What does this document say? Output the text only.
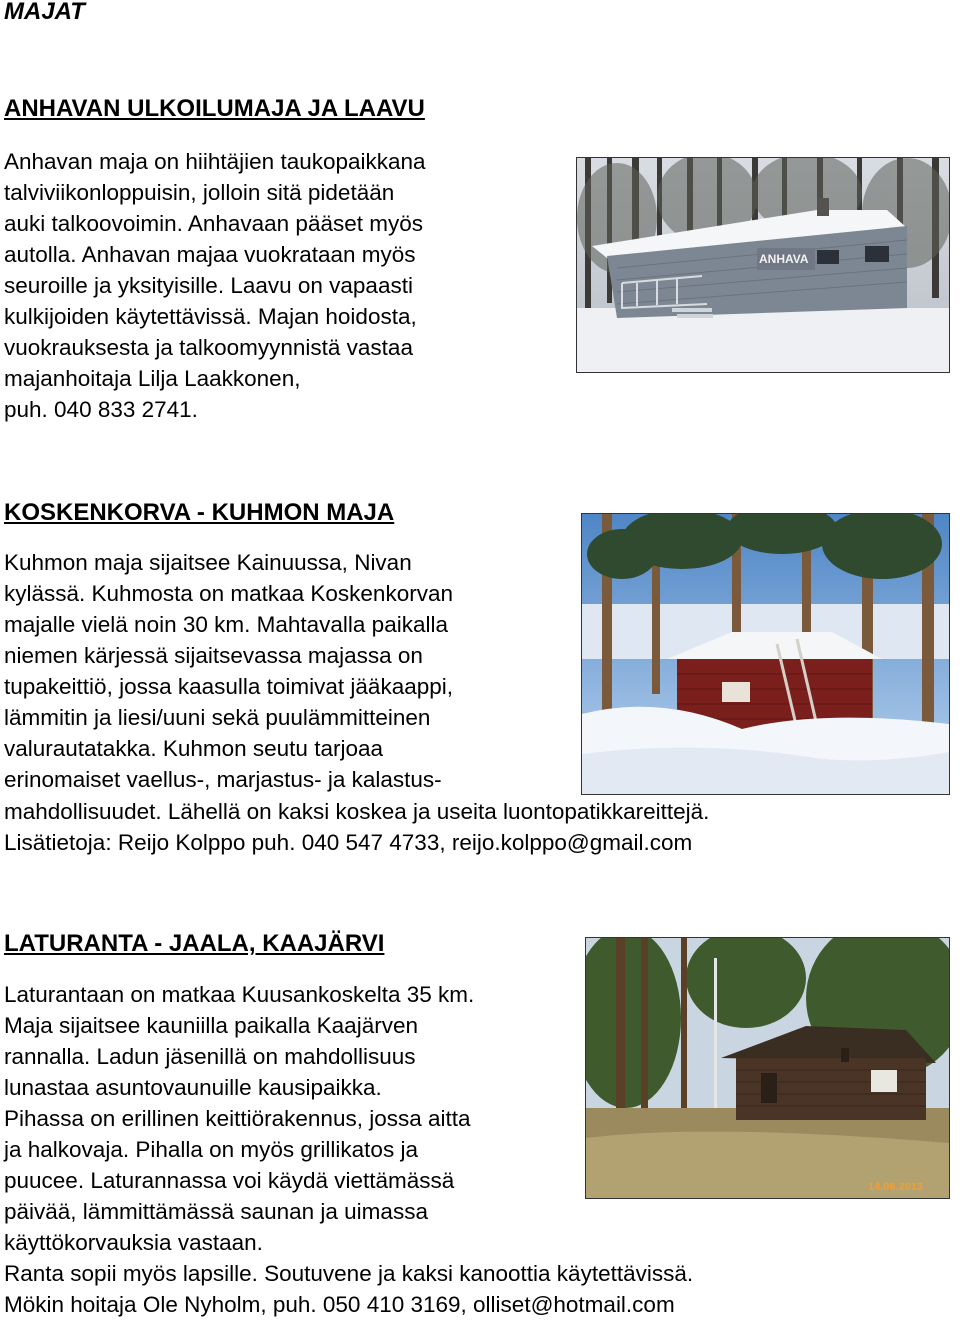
MAJAT
ANHAVAN ULKOILUMAJA JA LAAVU
Anhavan maja on hiihtäjien taukopaikkana
talviviikonloppuisin, jolloin sitä pidetään
auki talkoovoimin. Anhavaan pääset myös
autolla. Anhavan majaa vuokrataan myös
seuroille ja yksityisille. Laavu on vapaasti
kulkijoiden käytettävissä. Majan hoidosta,
vuokrauksesta ja talkoomyynnistä vastaa
majanhoitaja Lilja Laakkonen,
puh. 040 833 2741.
ANHAVA
KOSKENKORVA - KUHMON MAJA
Kuhmon maja sijaitsee Kainuussa, Nivan
kylässä. Kuhmosta on matkaa Koskenkorvan
majalle vielä noin 30 km. Mahtavalla paikalla
niemen kärjessä sijaitsevassa majassa on
tupakeittiö, jossa kaasulla toimivat jääkaappi,
lämmitin ja liesi/uuni sekä puulämmitteinen
valurautatakka. Kuhmon seutu tarjoaa
erinomaiset vaellus-, marjastus- ja kalastus-
mahdollisuudet. Lähellä on kaksi koskea ja useita luontopatikkareittejä.
Lisätietoja: Reijo Kolppo puh. 040 547 4733, reijo.kolppo@gmail.com
LATURANTA - JAALA, KAAJÄRVI
Laturantaan on matkaa Kuusankoskelta 35 km.
Maja sijaitsee kauniilla paikalla Kaajärven
rannalla. Ladun jäsenillä on mahdollisuus
lunastaa asuntovaunuille kausipaikka.
Pihassa on erillinen keittiörakennus, jossa aitta
ja halkovaja. Pihalla on myös grillikatos ja
puucee. Laturannassa voi käydä viettämässä
päivää, lämmittämässä saunan ja uimassa
käyttökorvauksia vastaan.
Ranta sopii myös lapsille. Soutuvene ja kaksi kanoottia käytettävissä.
Mökin hoitaja Ole Nyholm, puh. 050 410 3169, olliset@hotmail.com
14.08.2013
